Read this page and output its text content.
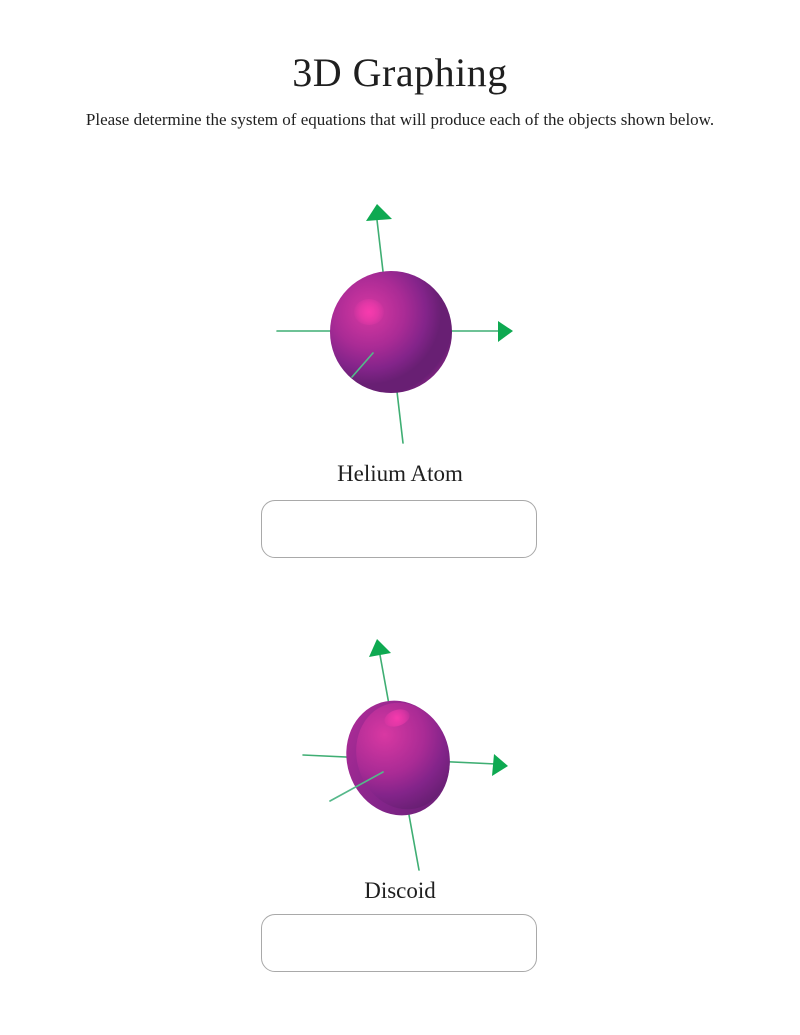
3D Graphing

Please determine the system of equations that will produce each of the objects shown below.

Helium Atom
Discoid
